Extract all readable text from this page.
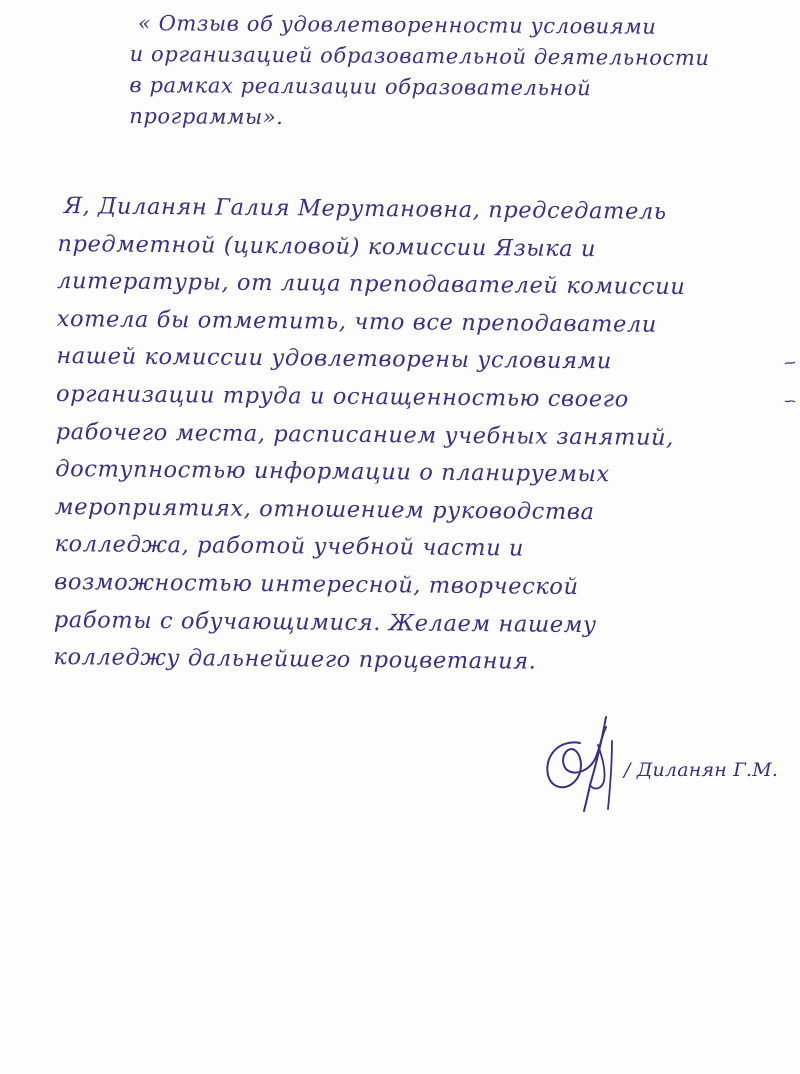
« Отзыв об удовлетворенности условиями
и организацией образовательной деятельности
в рамках реализации образовательной
программы».
Я, Диланян Галия Мерутановна, председатель
предметной (цикловой) комиссии Языка и
литературы, от лица преподавателей комиссии
хотела бы отметить, что все преподаватели
нашей комиссии удовлетворены условиями
организации труда и оснащенностью своего
рабочего места, расписанием учебных занятий,
доступностью информации о планируемых
мероприятиях, отношением руководства
колледжа, работой учебной части и
возможностью интересной, творческой
работы с обучающимися. Желаем нашему
колледжу дальнейшего процветания.
/ Диланян Г.М.
